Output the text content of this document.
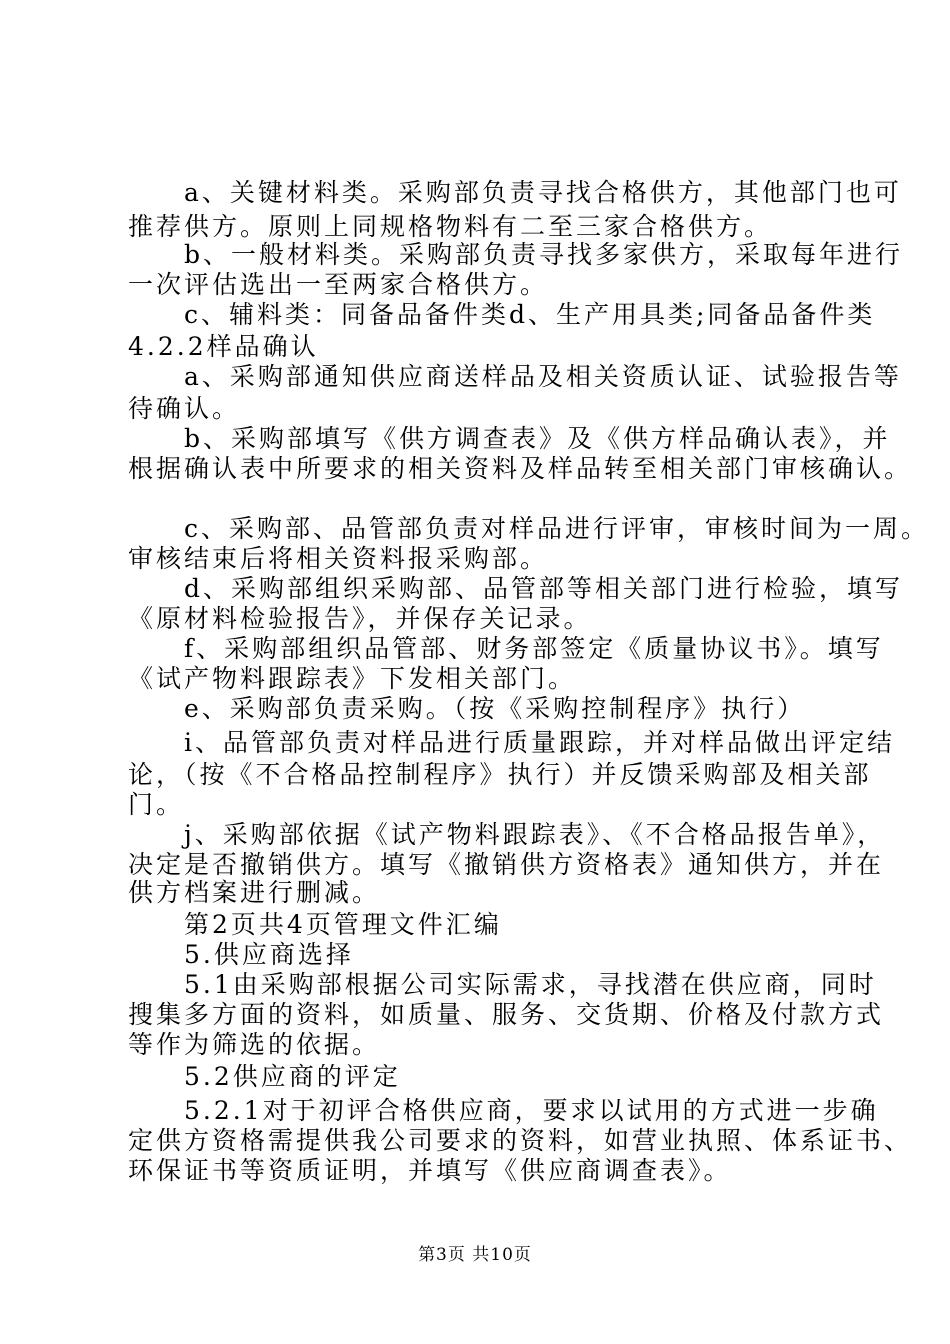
　　a、关键材料类。采购部负责寻找合格供方，其他部门也可
推荐供方。原则上同规格物料有二至三家合格供方。
　　b、一般材料类。采购部负责寻找多家供方，采取每年进行
一次评估选出一至两家合格供方。
　　c、辅料类：同备品备件类d、生产用具类;同备品备件类
4.2.2样品确认
　　a、采购部通知供应商送样品及相关资质认证、试验报告等
待确认。
　　b、采购部填写《供方调查表》及《供方样品确认表》，并
根据确认表中所要求的相关资料及样品转至相关部门审核确认。
　　c、采购部、品管部负责对样品进行评审，审核时间为一周。
审核结束后将相关资料报采购部。
　　d、采购部组织采购部、品管部等相关部门进行检验，填写
《原材料检验报告》，并保存关记录。
　　f、采购部组织品管部、财务部签定《质量协议书》。填写
《试产物料跟踪表》下发相关部门。
　　e、采购部负责采购。（按《采购控制程序》执行）
　　i、品管部负责对样品进行质量跟踪，并对样品做出评定结
论，（按《不合格品控制程序》执行）并反馈采购部及相关部
门。
　　j、采购部依据《试产物料跟踪表》、《不合格品报告单》，
决定是否撤销供方。填写《撤销供方资格表》通知供方，并在
供方档案进行删减。
　　第2页共4页管理文件汇编
　　5.供应商选择
　　5.1由采购部根据公司实际需求，寻找潜在供应商，同时
搜集多方面的资料，如质量、服务、交货期、价格及付款方式
等作为筛选的依据。
　　5.2供应商的评定
　　5.2.1对于初评合格供应商，要求以试用的方式进一步确
定供方资格需提供我公司要求的资料，如营业执照、体系证书、
环保证书等资质证明，并填写《供应商调查表》。
第3页 共10页
